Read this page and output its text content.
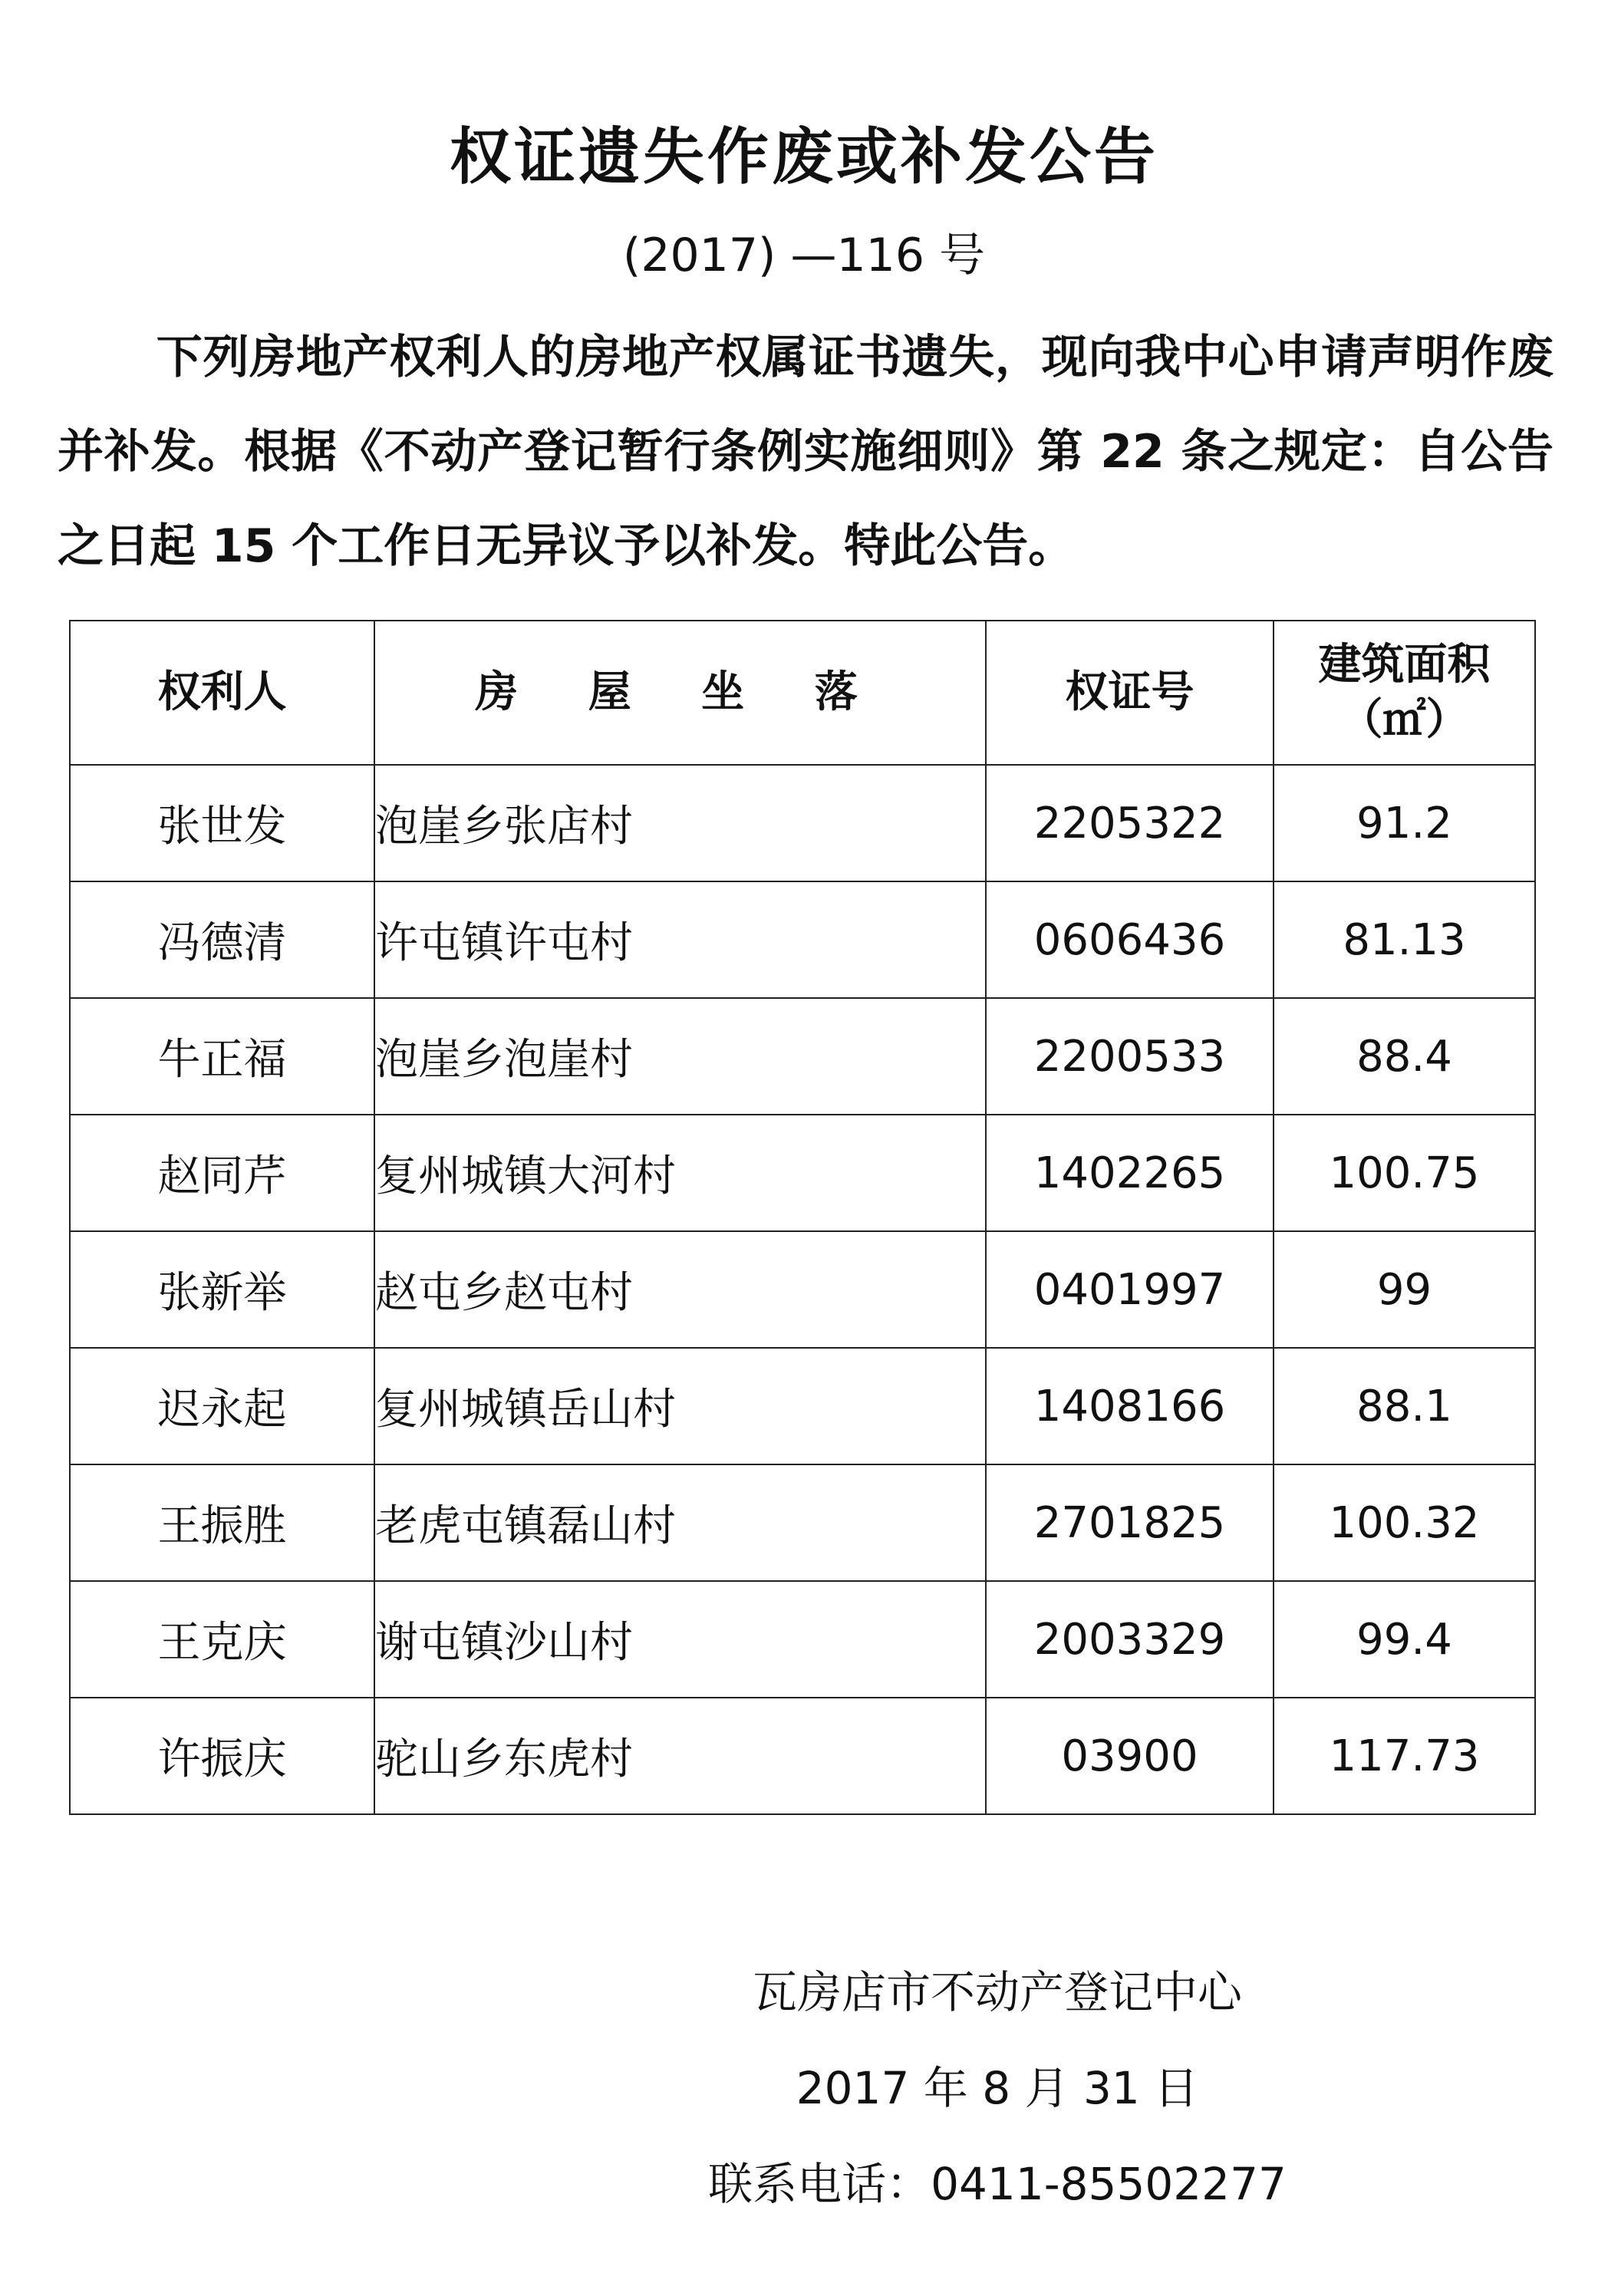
权证遗失作废或补发公告

(2017) —116 号

下列房地产权利人的房地产权属证书遗失，现向我中心申请声明作废并补发。根据《不动产登记暂行条例实施细则》第 22 条之规定：自公告之日起 15 个工作日无异议予以补发。特此公告。

权利人	房 屋 坐 落	权证号	建筑面积
（㎡）
张世发	泡崖乡张店村	2205322	91.2
冯德清	许屯镇许屯村	0606436	81.13
牛正福	泡崖乡泡崖村	2200533	88.4
赵同芹	复州城镇大河村	1402265	100.75
张新举	赵屯乡赵屯村	0401997	99
迟永起	复州城镇岳山村	1408166	88.1
王振胜	老虎屯镇磊山村	2701825	100.32
王克庆	谢屯镇沙山村	2003329	99.4
许振庆	驼山乡东虎村	03900	117.73

瓦房店市不动产登记中心

2017 年 8 月 31 日

联系电话：0411-85502277
